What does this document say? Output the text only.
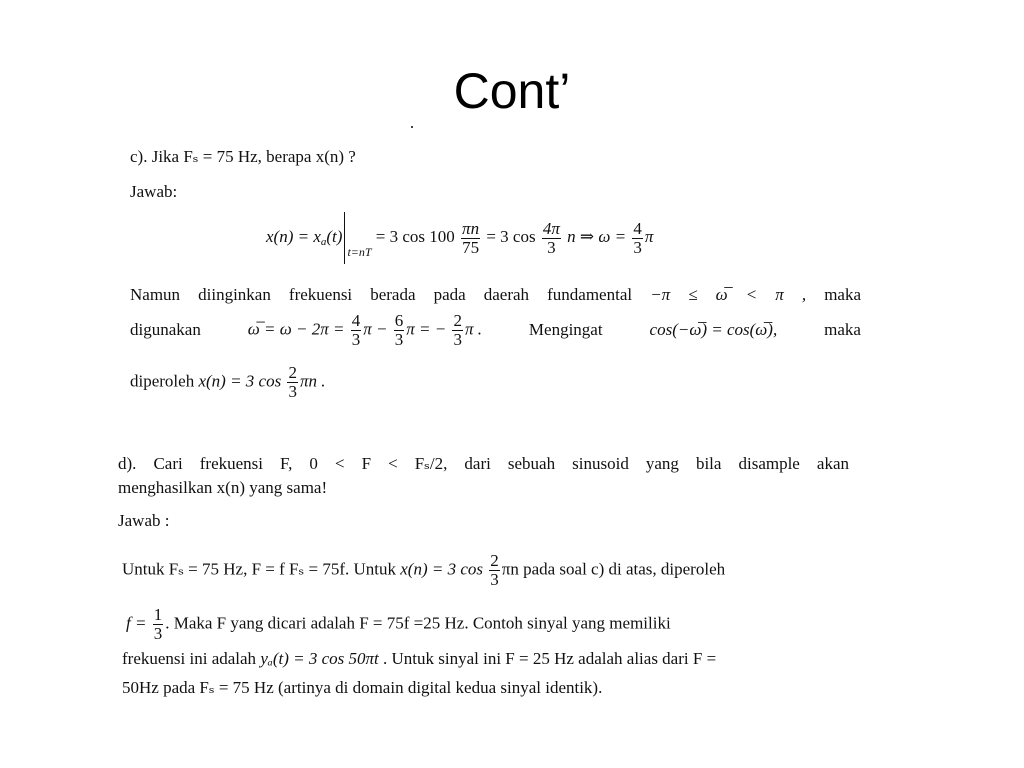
Cont’
c). Jika Fₛ = 75 Hz, berapa x(n) ?
Jawab:
$x(n) = x_a(t)_{t=nT} = 3$ $\cos 100 \frac{\pi n}{75} = 3$ $\cos \frac{4\pi}{3}$ n ⇒ $\omega = \frac{4}{3}$ π
Namun diinginkan frekuensi berada pada daerah fundamental −π ≤ ω̅ < π , maka
digunakan	ω̅ = $\omega - 2\pi = \frac{4}{3}$ $\pi - \frac{6}{3}$ π = − $\frac{2}{3}$ π .	Mengingat	cos(−ω̅) = cos(ω̅),	maka
diperoleh x(n) = 3 $\cos \frac{2}{3}$ πn .
d). Cari frekuensi F, 0 < F < Fₛ/2, dari sebuah sinusoid yang bila disample akan
menghasilkan x(n) yang sama!
Jawab :
Untuk Fₛ = 75 Hz, F = f Fₛ = 75f. Untuk x(n) = 3 $\cos \frac{2}{3}$ πn pada soal c) di atas, diperoleh
$f = \frac{1}{3}$ . Maka F yang dicari adalah F = 75f =25 Hz. Contoh sinyal yang memiliki
frekuensi ini adalah yₐ(t) = 3 cos 50πt . Untuk sinyal ini F = 25 Hz adalah alias dari F =
50Hz pada Fₛ = 75 Hz (artinya di domain digital kedua sinyal identik).
